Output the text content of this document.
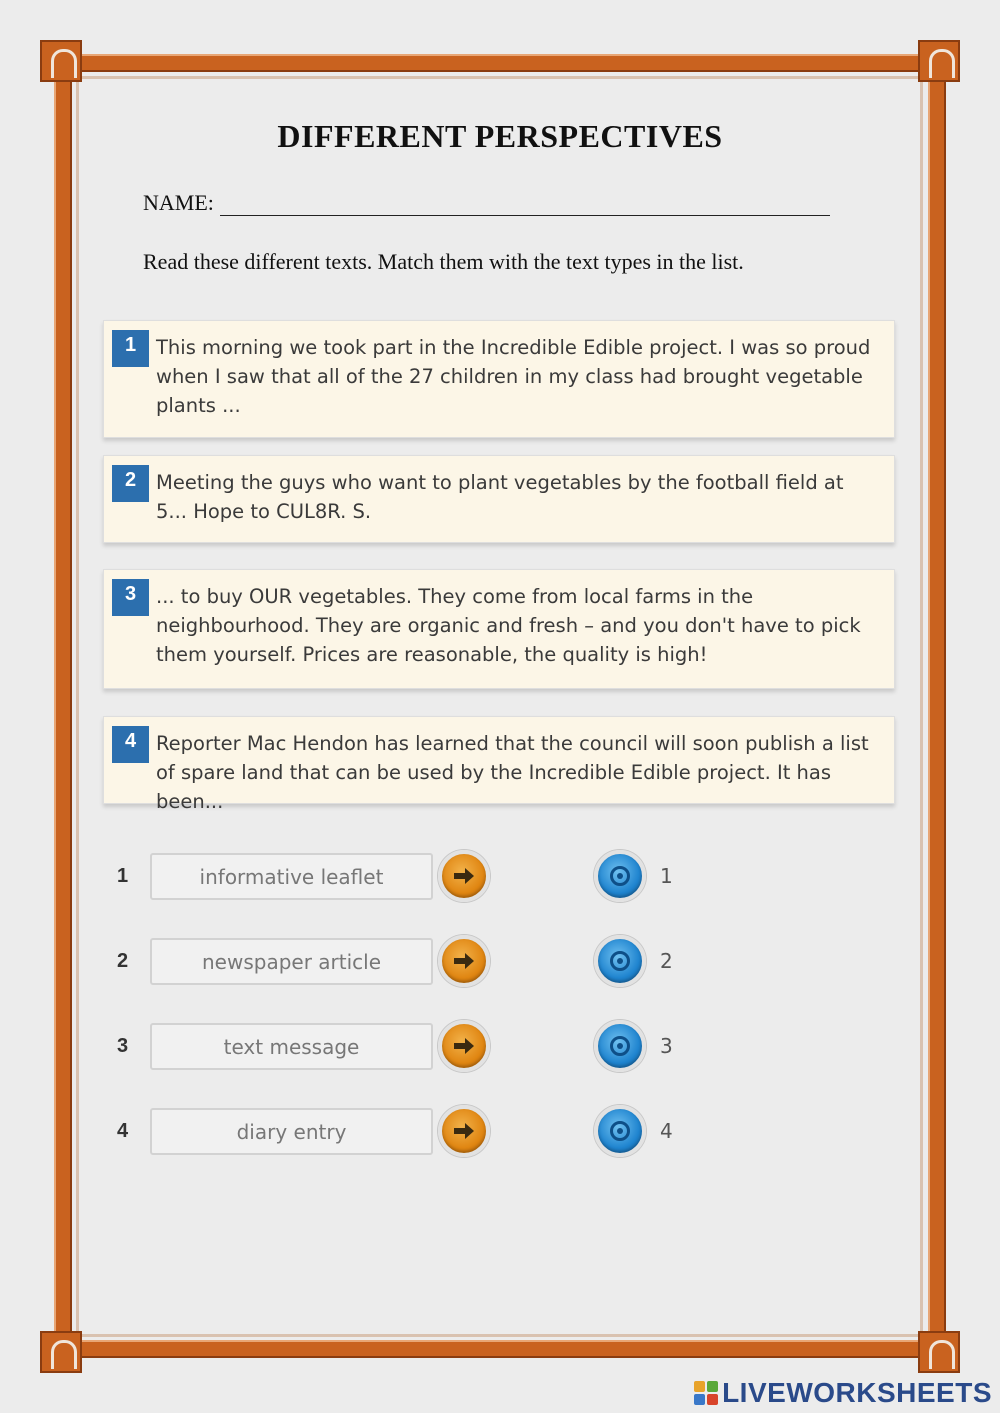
DIFFERENT PERSPECTIVES
NAME:

Read these different texts. Match them with the text types in the list.

1	This morning we took part in the Incredible Edible project. I was so proud when I saw that all of the 27 children in my class had brought vegetable plants ...
2	Meeting the guys who want to plant vegetables by the football field at 5... Hope to CUL8R. S.
3	... to buy OUR vegetables. They come from local farms in the neighbourhood. They are organic and fresh – and you don't have to pick them yourself. Prices are reasonable, the quality is high!
4	Reporter Mac Hendon has learned that the council will soon publish a list of spare land that can be used by the Incredible Edible project. It has been...
1	informative leaflet	1
2	newspaper article	2
3	text message	3
4	diary entry	4
LIVEWORKSHEETS
